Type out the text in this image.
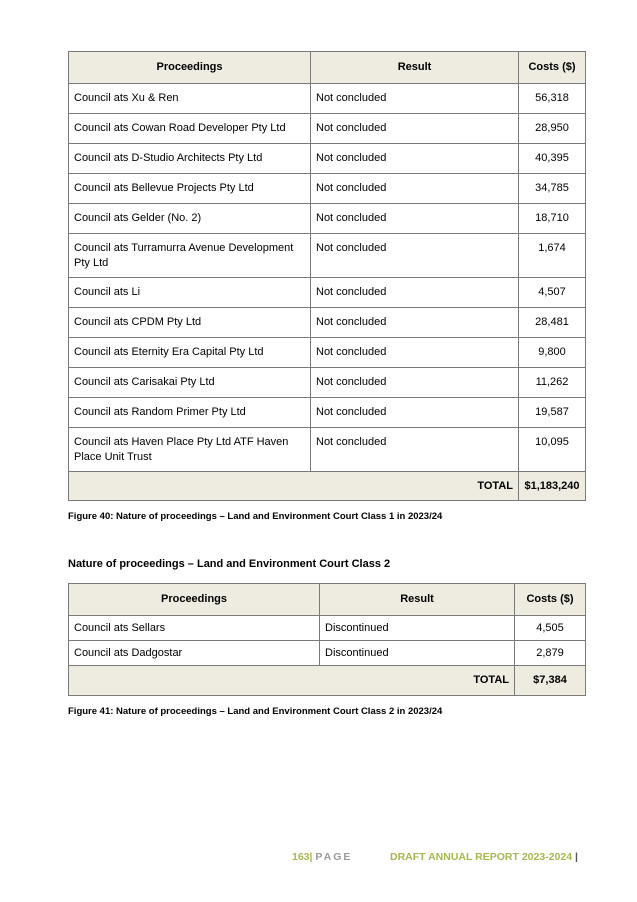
Proceedings	Result	Costs ($)
Council ats Xu & Ren	Not concluded	56,318
Council ats Cowan Road Developer Pty Ltd	Not concluded	28,950
Council ats D-Studio Architects Pty Ltd	Not concluded	40,395
Council ats Bellevue Projects Pty Ltd	Not concluded	34,785
Council ats Gelder (No. 2)	Not concluded	18,710
Council ats Turramurra Avenue Development Pty Ltd	Not concluded	1,674
Council ats Li	Not concluded	4,507
Council ats CPDM Pty Ltd	Not concluded	28,481
Council ats Eternity Era Capital Pty Ltd	Not concluded	9,800
Council ats Carisakai Pty Ltd	Not concluded	11,262
Council ats Random Primer Pty Ltd	Not concluded	19,587
Council ats Haven Place Pty Ltd ATF Haven Place Unit Trust	Not concluded	10,095
TOTAL		$1,183,240
Figure 40: Nature of proceedings – Land and Environment Court Class 1 in 2023/24
Nature of proceedings – Land and Environment Court Class 2
Proceedings	Result	Costs ($)
Council ats Sellars	Discontinued	4,505
Council ats Dadgostar	Discontinued	2,879
TOTAL		$7,384
Figure 41: Nature of proceedings – Land and Environment Court Class 2 in 2023/24
163| PAGE	DRAFT ANNUAL REPORT 2023-2024 |
